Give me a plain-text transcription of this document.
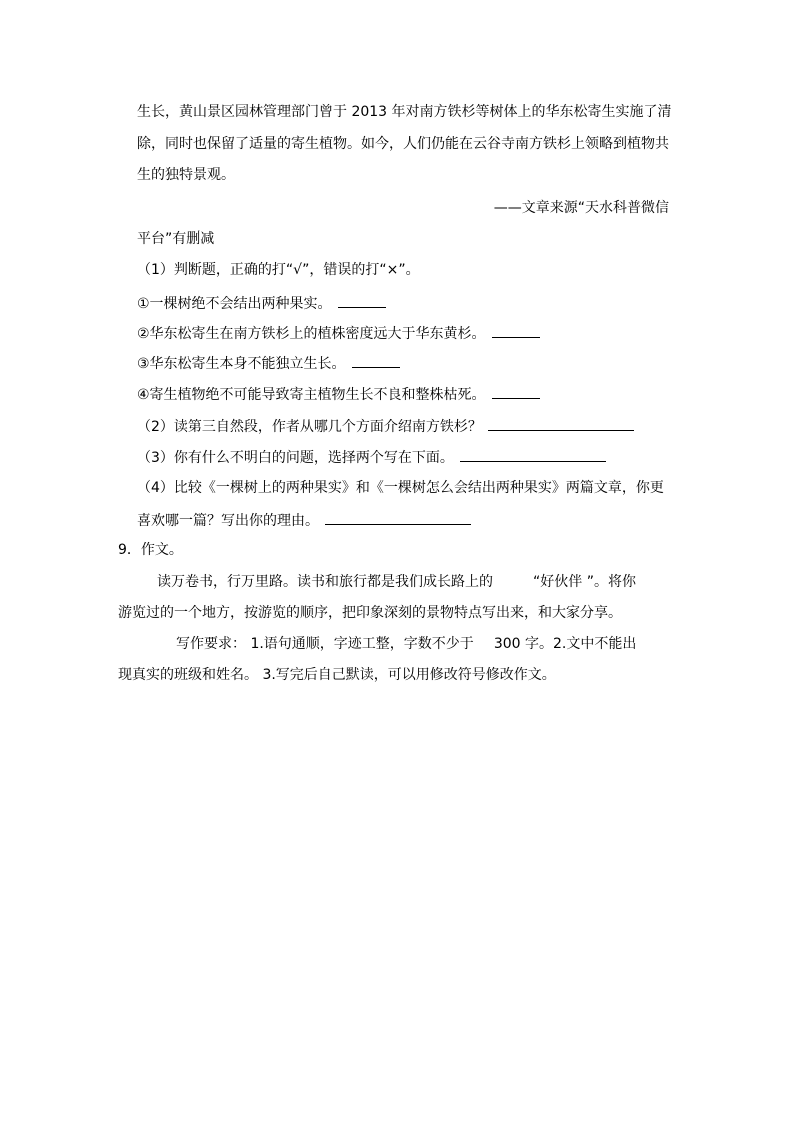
生长，黄山景区园林管理部门曾于 2013 年对南方铁杉等树体上的华东松寄生实施了清
除，同时也保留了适量的寄生植物。如今，人们仍能在云谷寺南方铁杉上领略到植物共
生的独特景观。
——文章来源“天水科普微信
平台”有删减
（1）判断题，正确的打“√”，错误的打“×”。
①一棵树绝不会结出两种果实。
②华东松寄生在南方铁杉上的植株密度远大于华东黄杉。
③华东松寄生本身不能独立生长。
④寄生植物绝不可能导致寄主植物生长不良和整株枯死。
（2）读第三自然段，作者从哪几个方面介绍南方铁杉？
（3）你有什么不明白的问题，选择两个写在下面。
（4）比较《一棵树上的两种果实》和《一棵树怎么会结出两种果实》两篇文章，你更
喜欢哪一篇？写出你的理由。
9．作文。
读万卷书，行万里路。读书和旅行都是我们成长路上的	“好伙伴 ”。将你
游览过的一个地方，按游览的顺序，把印象深刻的景物特点写出来，和大家分享。
写作要求： 1.语句通顺，字迹工整，字数不少于 300 字。2.文中不能出
现真实的班级和姓名。 3.写完后自己默读，可以用修改符号修改作文。
